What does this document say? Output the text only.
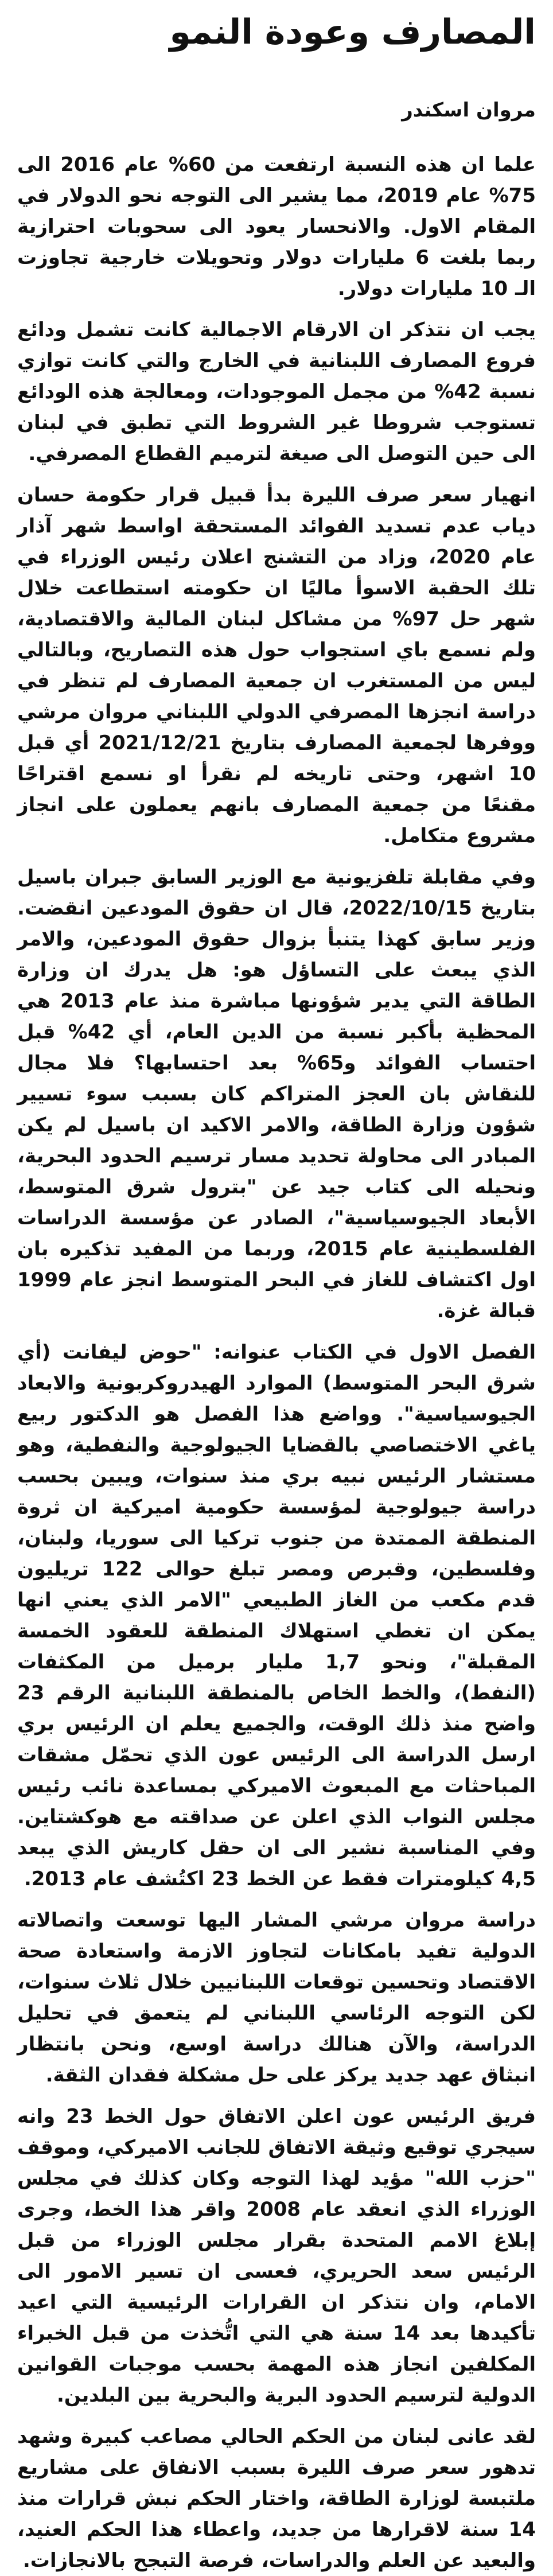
المصارف وعودة النمو
مروان اسكندر

علما ان هذه النسبة ارتفعت من 60% عام 2016 الى 75% عام 2019، مما يشير الى التوجه نحو الدولار في المقام الاول. والانحسار يعود الى سحوبات احترازية ربما بلغت 6 مليارات دولار وتحويلات خارجية تجاوزت الـ 10 مليارات دولار.

يجب ان نتذكر ان الارقام الاجمالية كانت تشمل ودائع فروع المصارف اللبنانية في الخارج والتي كانت توازي نسبة 42% من مجمل الموجودات، ومعالجة هذه الودائع تستوجب شروطا غير الشروط التي تطبق في لبنان الى حين التوصل الى صيغة لترميم القطاع المصرفي.

انهيار سعر صرف الليرة بدأ قبيل قرار حكومة حسان دياب عدم تسديد الفوائد المستحقة اواسط شهر آذار عام 2020، وزاد من التشنج اعلان رئيس الوزراء في تلك الحقبة الاسوأ ماليًا ان حكومته استطاعت خلال شهر حل 97% من مشاكل لبنان المالية والاقتصادية، ولم نسمع باي استجواب حول هذه التصاريح، وبالتالي ليس من المستغرب ان جمعية المصارف لم تنظر في دراسة انجزها المصرفي الدولي اللبناني مروان مرشي ووفرها لجمعية المصارف بتاريخ 2021/12/21 أي قبل 10 اشهر، وحتى تاريخه لم نقرأ او نسمع اقتراحًا مقنعًا من جمعية المصارف بانهم يعملون على انجاز مشروع متكامل.

وفي مقابلة تلفزيونية مع الوزير السابق جبران باسيل بتاريخ 2022/10/15، قال ان حقوق المودعين انقضت. وزير سابق كهذا يتنبأ بزوال حقوق المودعين، والامر الذي يبعث على التساؤل هو: هل يدرك ان وزارة الطاقة التي يدير شؤونها مباشرة منذ عام 2013 هي المحظية بأكبر نسبة من الدين العام، أي 42% قبل احتساب الفوائد و65% بعد احتسابها؟ فلا مجال للنقاش بان العجز المتراكم كان بسبب سوء تسيير شؤون وزارة الطاقة، والامر الاكيد ان باسيل لم يكن المبادر الى محاولة تحديد مسار ترسيم الحدود البحرية، ونحيله الى كتاب جيد عن "بترول شرق المتوسط، الأبعاد الجيوسياسية"، الصادر عن مؤسسة الدراسات الفلسطينية عام 2015، وربما من المفيد تذكيره بان اول اكتشاف للغاز في البحر المتوسط انجز عام 1999 قبالة غزة.

الفصل الاول في الكتاب عنوانه: "حوض ليفانت (أي شرق البحر المتوسط) الموارد الهيدروكربونية والابعاد الجيوسياسية". وواضع هذا الفصل هو الدكتور ربيع ياغي الاختصاصي بالقضايا الجيولوجية والنفطية، وهو مستشار الرئيس نبيه بري منذ سنوات، ويبين بحسب دراسة جيولوجية لمؤسسة حكومية اميركية ان ثروة المنطقة الممتدة من جنوب تركيا الى سوريا، ولبنان، وفلسطين، وقبرص ومصر تبلغ حوالى 122 تريليون قدم مكعب من الغاز الطبيعي "الامر الذي يعني انها يمكن ان تغطي استهلاك المنطقة للعقود الخمسة المقبلة"، ونحو 1,7 مليار برميل من المكثفات (النفط)، والخط الخاص بالمنطقة اللبنانية الرقم 23 واضح منذ ذلك الوقت، والجميع يعلم ان الرئيس بري ارسل الدراسة الى الرئيس عون الذي تحمّل مشقات المباحثات مع المبعوث الاميركي بمساعدة نائب رئيس مجلس النواب الذي اعلن عن صداقته مع هوكشتاين. وفي المناسبة نشير الى ان حقل كاريش الذي يبعد 4,5 كيلومترات فقط عن الخط 23 اكتُشف عام 2013.

دراسة مروان مرشي المشار اليها توسعت واتصالاته الدولية تفيد بامكانات لتجاوز الازمة واستعادة صحة الاقتصاد وتحسين توقعات اللبنانيين خلال ثلاث سنوات، لكن التوجه الرئاسي اللبناني لم يتعمق في تحليل الدراسة، والآن هنالك دراسة اوسع، ونحن بانتظار انبثاق عهد جديد يركز على حل مشكلة فقدان الثقة.

فريق الرئيس عون اعلن الاتفاق حول الخط 23 وانه سيجري توقيع وثيقة الاتفاق للجانب الاميركي، وموقف "حزب الله" مؤيد لهذا التوجه وكان كذلك في مجلس الوزراء الذي انعقد عام 2008 واقر هذا الخط، وجرى إبلاغ الامم المتحدة بقرار مجلس الوزراء من قبل الرئيس سعد الحريري، فعسى ان تسير الامور الى الامام، وان نتذكر ان القرارات الرئيسية التي اعيد تأكيدها بعد 14 سنة هي التي اتُّخذت من قبل الخبراء المكلفين انجاز هذه المهمة بحسب موجبات القوانين الدولية لترسيم الحدود البرية والبحرية بين البلدين.

لقد عانى لبنان من الحكم الحالي مصاعب كبيرة وشهد تدهور سعر صرف الليرة بسبب الانفاق على مشاريع ملتبسة لوزارة الطاقة، واختار الحكم نبش قرارات منذ 14 سنة لاقرارها من جديد، واعطاء هذا الحكم العنيد، والبعيد عن العلم والدراسات، فرصة التبجح بالانجازات.
